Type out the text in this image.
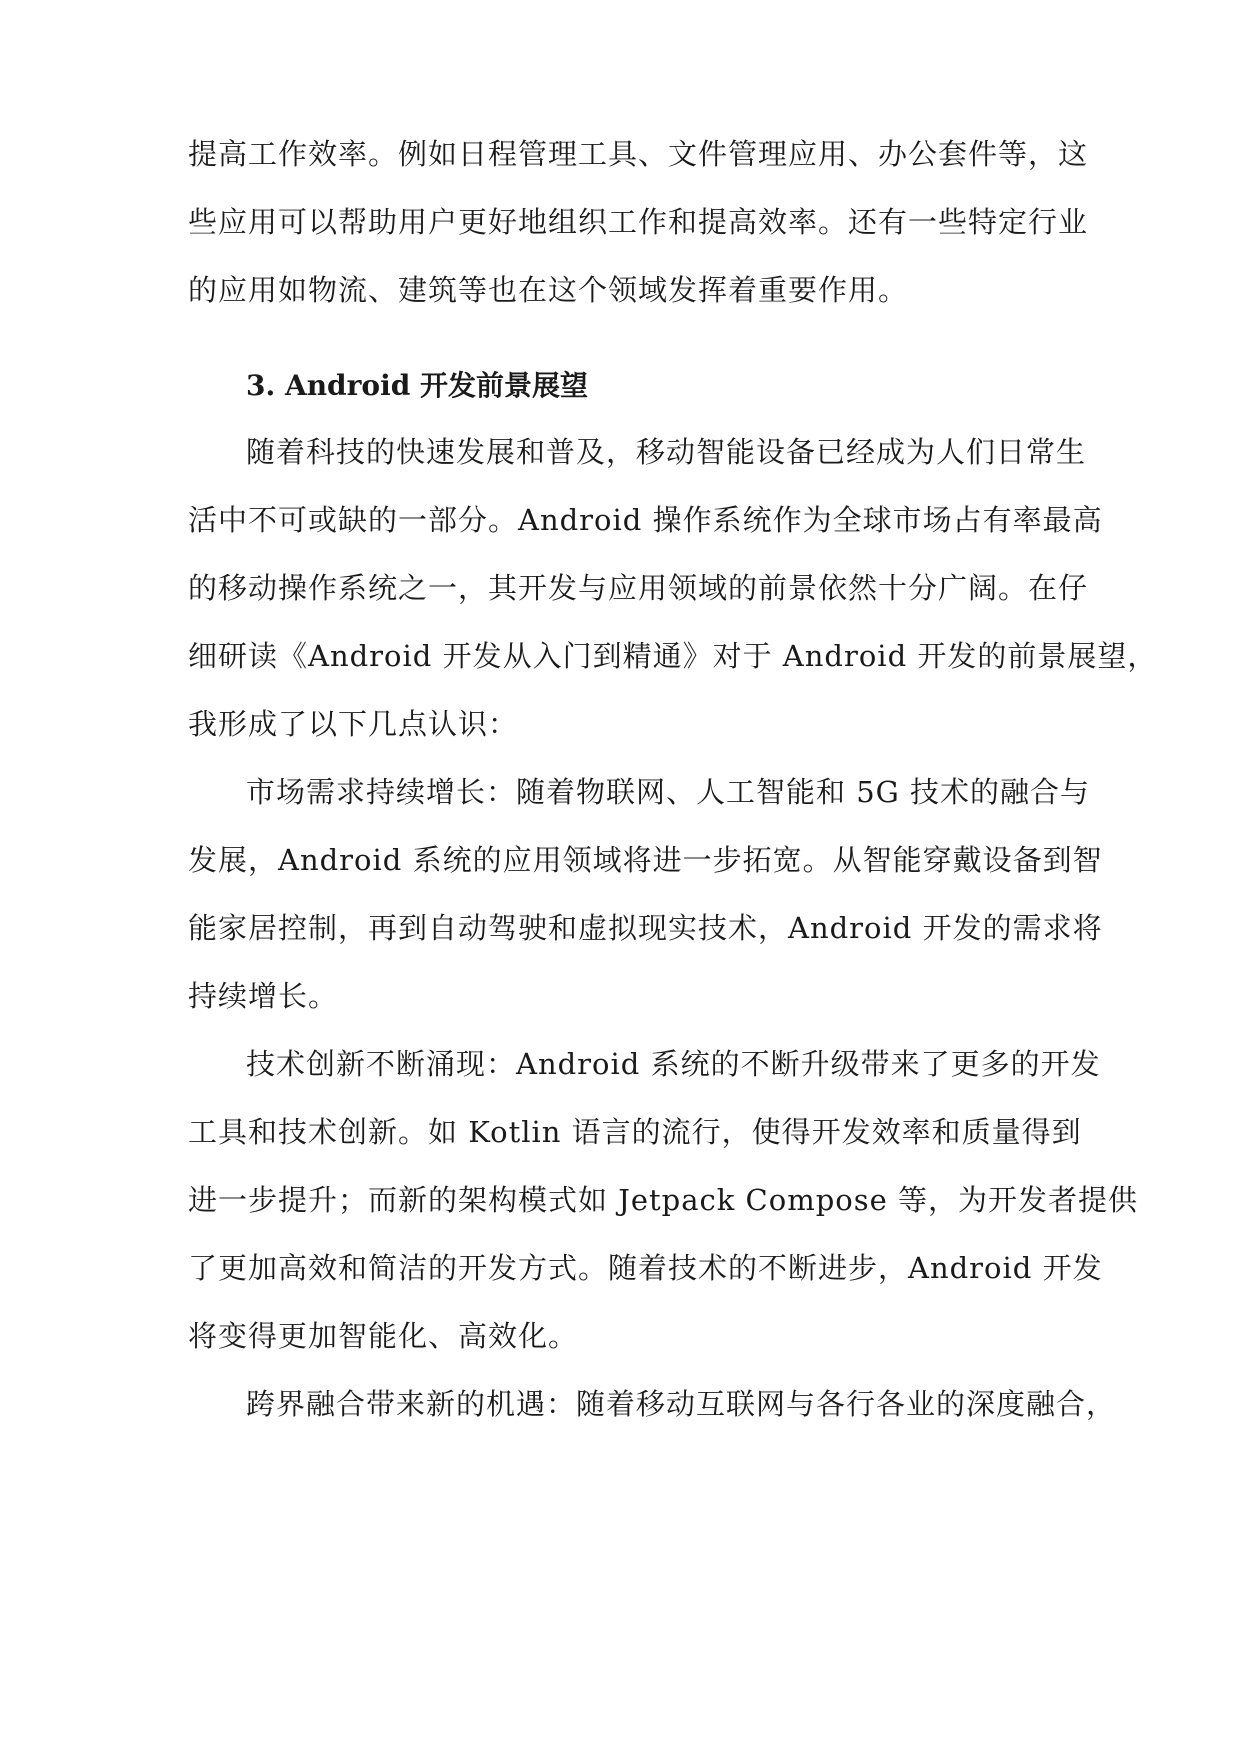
提高工作效率。例如日程管理工具、文件管理应用、办公套件等，这
些应用可以帮助用户更好地组织工作和提高效率。还有一些特定行业
的应用如物流、建筑等也在这个领域发挥着重要作用。
3. Android 开发前景展望
随着科技的快速发展和普及，移动智能设备已经成为人们日常生
活中不可或缺的一部分。Android 操作系统作为全球市场占有率最高
的移动操作系统之一，其开发与应用领域的前景依然十分广阔。在仔
细研读《Android 开发从入门到精通》对于 Android 开发的前景展望，
我形成了以下几点认识：
市场需求持续增长：随着物联网、人工智能和 5G 技术的融合与
发展，Android 系统的应用领域将进一步拓宽。从智能穿戴设备到智
能家居控制，再到自动驾驶和虚拟现实技术，Android 开发的需求将
持续增长。
技术创新不断涌现：Android 系统的不断升级带来了更多的开发
工具和技术创新。如 Kotlin 语言的流行，使得开发效率和质量得到
进一步提升；而新的架构模式如 Jetpack Compose 等，为开发者提供
了更加高效和简洁的开发方式。随着技术的不断进步，Android 开发
将变得更加智能化、高效化。
跨界融合带来新的机遇：随着移动互联网与各行各业的深度融合，
